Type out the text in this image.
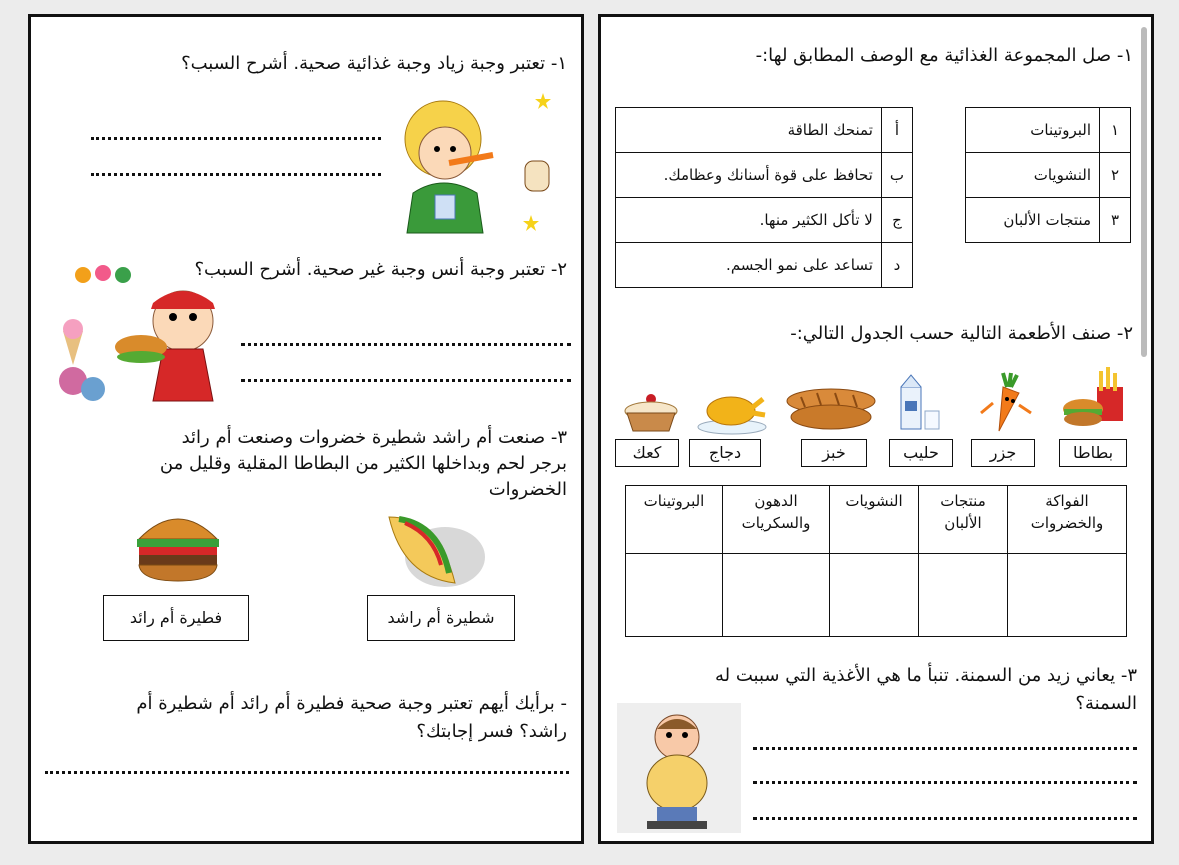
١- صل المجموعة الغذائية مع الوصف المطابق لها:-
١	البروتينات
٢	النشويات
٣	منتجات الألبان
أ	تمنحك الطاقة
ب	تحافظ على قوة أسنانك وعظامك.
ج	لا تأكل الكثير منها.
د	تساعد على نمو الجسم.
٢- صنف الأطعمة التالية حسب الجدول التالي:-
بطاطا
جزر
حليب
خبز
دجاج
كعك
الفواكة والخضروات	منتجات الألبان	النشويات	الدهون والسكريات	البروتينات

٣- يعاني زيد من السمنة. تنبأ ما هي الأغذية التي سببت له
السمنة؟
١- تعتبر وجبة زياد وجبة غذائية صحية. أشرح السبب؟
٢- تعتبر وجبة أنس وجبة غير صحية. أشرح السبب؟
٣- صنعت أم راشد شطيرة خضروات وصنعت أم رائد
برجر لحم وبداخلها الكثير من البطاطا المقلية وقليل من
الخضروات
فطيرة أم رائد	شطيرة أم راشد
- برأيك أيهم تعتبر وجبة صحية فطيرة أم رائد أم شطيرة أم
راشد؟ فسر إجابتك؟
